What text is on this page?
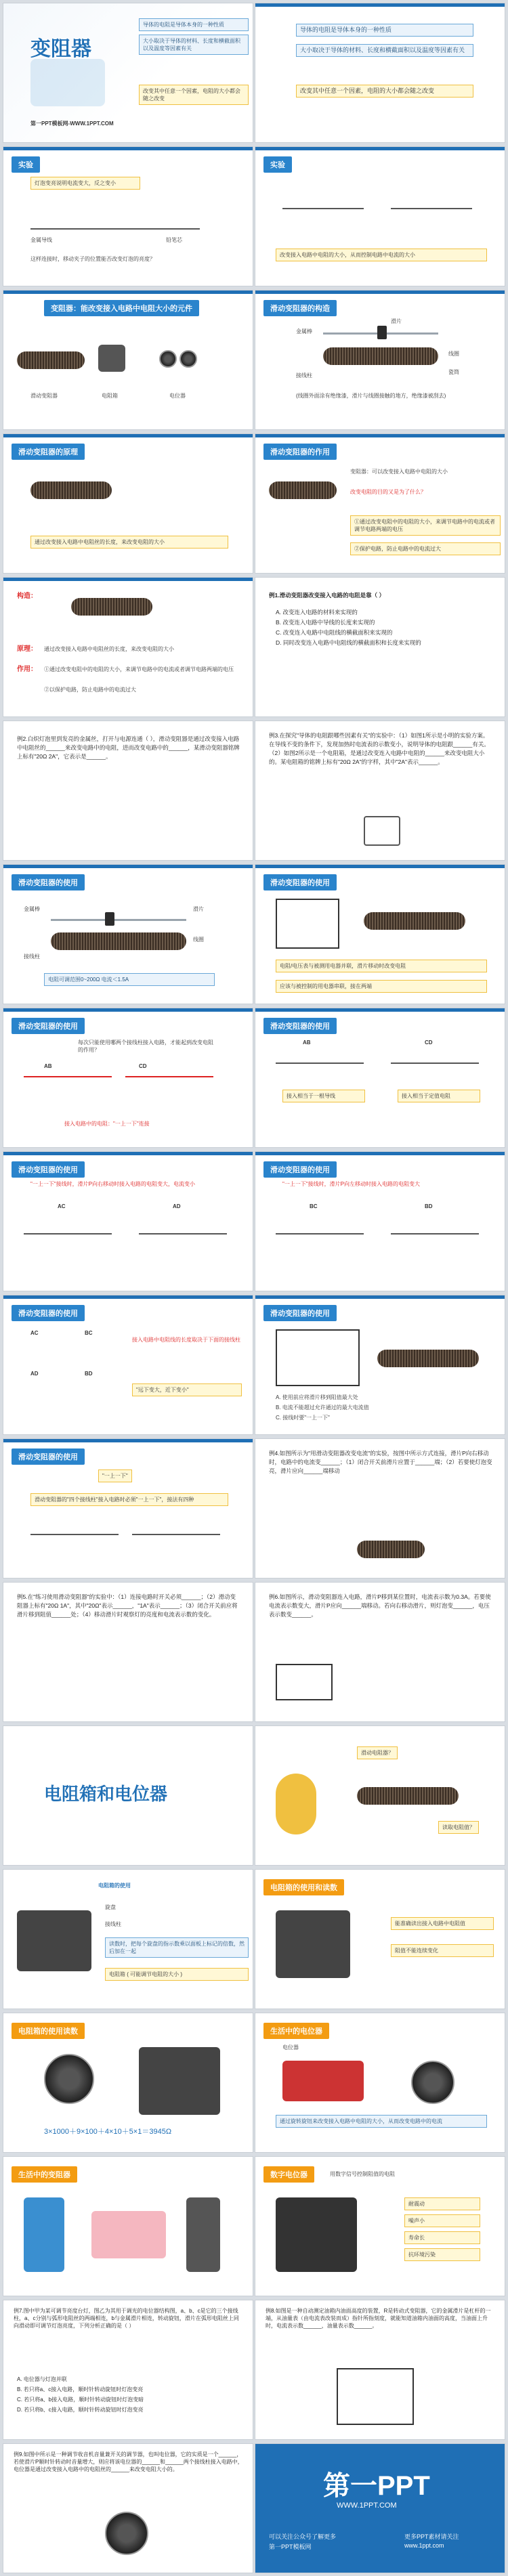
变阻器
第一PPT模板网-WWW.1PPT.COM
导体的电阻是导体本身的一种性质
大小取决于导体的材料、长度和横截面积以及温度等因素有关
改变其中任意一个因素，电阻的大小都会随之改变
导体的电阻是导体本身的一种性质
大小取决于导体的材料、长度和横截面积以及温度等因素有关
改变其中任意一个因素，电阻的大小都会随之改变
实验
灯泡变亮说明电流变大，反之变小
金属导线	铅笔芯
这样连接时，移动夹子的位置能否改变灯泡的亮度？
实验
改变接入电路中电阻的大小，从而控制电路中电流的大小
变阻器：能改变接入电路中电阻大小的元件
滑动变阻器	电阻箱	电位器
滑动变阻器的构造
金属棒
滑片
线圈
接线柱
瓷筒
(线圈外面涂有绝缘漆，滑片与线圈接触的地方，绝缘漆被刮去)
滑动变阻器的原理
通过改变接入电路中电阻丝的长度，来改变电阻的大小
滑动变阻器的作用
变阻器：可以改变接入电路中电阻的大小
改变电阻的目的又是为了什么？
①通过改变电阻中的电阻的大小，来调节电路中的电流或者调节电路两端的电压
②保护电路，防止电路中的电流过大
构造：
原理： 通过改变接入电路中电阻丝的长度，来改变电阻的大小
作用： ①通过改变电阻中的电阻的大小，来调节电路中的电流或者调节电路两端的电压
②以保护电路，防止电路中的电流过大
例1.滑动变阻器改变接入电路的电阻是靠（ ）
A. 改变连入电路的材料来实现的
B. 改变连入电路中导线的长度来实现的
C. 改变连入电路中电阻线的横截面积来实现的
D. 同时改变连入电路中电阻线的横截面积和长度来实现的
例2.白炽灯泡里到发亮的金属丝，打开与电源连通（ ），滑动变阻器是通过改变接入电路中电阻丝的______来改变电路中的电阻，进而改变电路中的______，某滑动变阻器铭牌上标有"20Ω 2A"，它表示是______。
例3.在探究"导体的电阻跟哪些因素有关"的实验中：（1）如图1所示是小明的实验方案。在导线不变的条件下，发现加热时电流表的示数变小，说明导体的电阻跟______有关。（2）如图2所示是一个电阻箱，是通过改变连入电路中电阻的______来改变电阻大小的。某电阻箱的铭牌上标有"20Ω 2A"的字样，其中"2A"表示______。
滑动变阻器的使用
金属棒	滑片
线圈
接线柱
电阻可调范围0~200Ω 电流＜1.5A
滑动变阻器的使用
电阻/电压表与被测用电器并联，滑片移动时改变电阻
应该与被控制的用电器串联，接在两端
滑动变阻器的使用
每次只能使用哪两个接线柱接入电路，才能起到改变电阻的作用？
AB	CD
接入电路中的电阻："一上一下"连接
滑动变阻器的使用
AB	CD
接入相当于一根导线	接入相当于定值电阻
滑动变阻器的使用
"一上一下"接线时，滑片P向右移动时接入电路的电阻变大，电流变小
AC	AD
滑动变阻器的使用
"一上一下"接线时，滑片P向左移动时接入电路的电阻变大
BC	BD
滑动变阻器的使用
AC	BC
AD	BD
接入电路中电阻线的长度取决于下面的接线柱
"远下变大，近下变小"
滑动变阻器的使用
A. 使用前应将滑片移到阻值最大处
B. 电流不能超过允许通过的最大电流值
C. 接线时要"一上一下"
滑动变阻器的使用
"一上一下"
滑动变阻器的"四个接线柱"接入电路时必须"一上一下"，接法有四种
例4.如图所示为"用滑动变阻器改变电流"的实验，按图中所示方式连接，滑片P向右移动时，电路中的电流变______；（1）闭合开关前滑片应置于______端；（2）若要使灯泡变亮，滑片应向______端移动
例5.在"练习使用滑动变阻器"的实验中：（1）连接电路时开关必须______；（2）滑动变阻器上标有"20Ω 1A"，其中"20Ω"表示______，"1A"表示______；（3）闭合开关前应将滑片移到阻值______处；（4）移动滑片时观察灯的亮度和电流表示数的变化。
例6.如图所示，滑动变阻器连入电路，滑片P移到某位置时，电流表示数为0.3A。若要使电流表示数变大，滑片P应向______端移动。若向右移动滑片，则灯泡变______，电压表示数变______。
电阻箱和电位器
滑动电阻器？
读取电阻值？
电阻箱的使用
旋盘
接线柱
读数时，把每个旋盘的指示数乘以面板上标记的倍数，然后加在一起
电阻箱 ( 可能调节电阻的大小 )
电阻箱的使用和读数
能准确读出接入电路中电阻值
阻值不能连续变化
电阻箱的使用读数
3×1000＋9×100＋4×10＋5×1＝3945Ω
生活中的电位器
电位器
通过旋转旋钮来改变接入电路中电阻的大小，从而改变电路中的电流
生活中的变阻器	数字电位器	用数字信号控制阻值的电阻
耐震动
噪声小
寿命长
抗环境污染
例7.图中甲为某可调节亮度台灯，图乙为其用于调光的电位器结构图，a、b、c是它的三个接线柱，a、c分别与弧形电阻丝的两端相连，b与金属滑片相连，转动旋钮，滑片在弧形电阻丝上同向滑动即可调节灯泡亮度，下列分析正确的是（ ）
A. 电位器与灯泡并联
B. 若只将a、c接入电路，顺时针转动旋钮时灯泡变亮
C. 若只将a、b接入电路，顺时针转动旋钮时灯泡变暗
D. 若只将b、c接入电路，顺时针转动旋钮时灯泡变亮
例8.如图是一种自动测定油箱内油面高度的装置，R是转动式变阻器，它的金属滑片是杠杆的一端，从油量表（由电流表改装而成）指针所指刻度，就能知道油箱内油面的高度，当油面上升时，电流表示数______，油量表示数______。
例9.如图中所示是一种调节收音机音量兼开关的调节器，也叫电位器，它的实质是一个______，若使滑片P顺时针转动时音量增大，则应将该电位器的______和______两个接线柱接入电路中，电位器是通过改变接入电路中的电阻丝的______来改变电阻大小的。
第一PPT
WWW.1PPT.COM
可以关注公众号了解更多
第一PPT模板网
更多PPT素材请关注
www.1ppt.com
